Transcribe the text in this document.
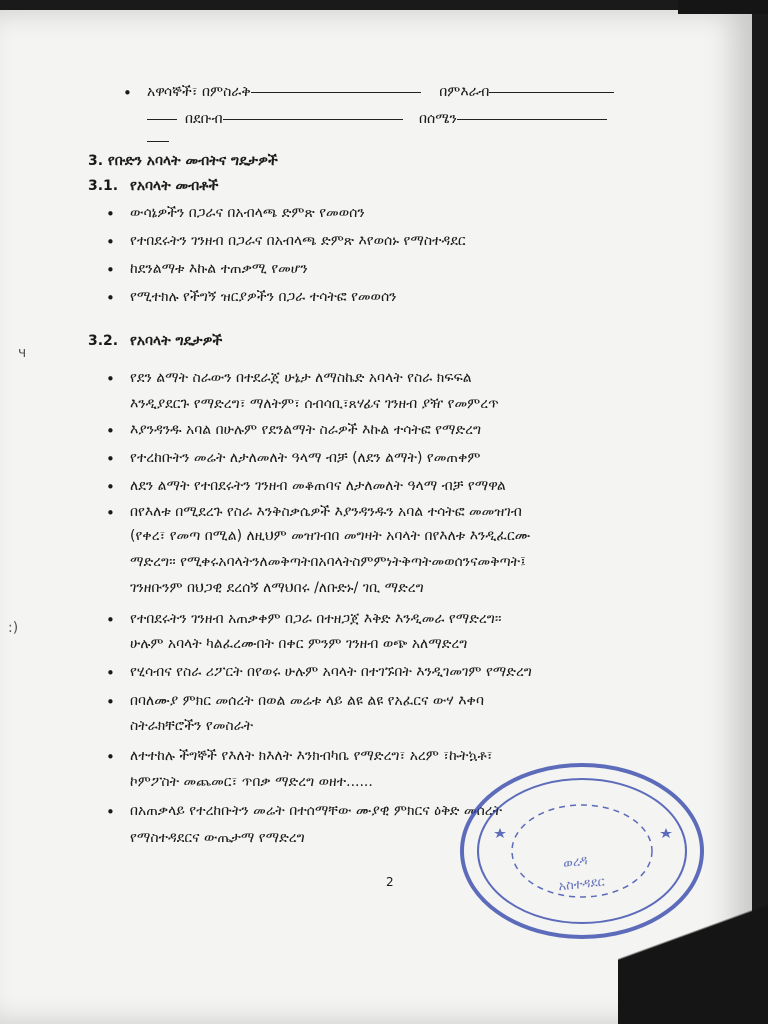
• አዋሳኞች፣ በምስራቅ	በምእራብ
በደቡብ	በሰሜን
3. የቡድን አባላት መብትና ግዴታዎች
3.1. የአባላት መብቶች
• ውሳኔዎችን በጋራና በአብላጫ ድምጽ የመወሰን
• የተበደሩትን ገንዘብ በጋራና በአብላጫ ድምጽ እየወሰኑ የማስተዳደር
• ከደንልማቱ እኩል ተጠቃሚ የመሆን
• የሚተክሉ የችግኝ ዝርያዎችን በጋራ ተሳትፎ የመወሰን
ч
:)
3.2. የአባላት ግዴታዎች
• የደን ልማት ስራውን በተደራጀ ሁኔታ ለማስኬድ አባላት የስራ ክፍፍል
እንዲያደርጉ የማድረግ፣ ማለትም፣ ሰብሳቢ፣ጸሃፊና ገንዘብ ያዥ የመምረጥ
• እያንዳንዱ አባል በሁሉም የደንልማት ስራዎች እኩል ተሳትፎ የማድረግ
• የተረከቡትን መሬት ለታለመለት ዓላማ ብቻ (ለደን ልማት) የመጠቀም
• ለደን ልማት የተበደሩትን ገንዘብ መቆጠባና ለታለመለት ዓላማ ብቻ የማዋል
• በየእለቱ በሚደረጉ የስራ እንቅስቃሴዎች እያንዳንዱን አባል ተሳትፎ መመዝገብ
(የቀረ፣ የመጣ በሚል) ለዚህም መዝገብበ መግዛት አባላት በየእለቱ እንዲፈርሙ
ማድረግ፡፡ የሚቀሩአባላትንለመቅጣትበአባላትስምምነትቅጣትመወሰንናመቅጣት፤
ገንዘቡንም በህጋዊ ደረሰኝ ለማህበሩ /ለቡድኑ/ ገቢ ማድረግ
• የተበደሩትን ገንዘብ አጠቃቀም በጋራ በተዘጋጀ እቅድ እንዲመራ የማድረግ፡፡
ሁሉም አባላት ካልፈረሙበት በቀር ምንም ገንዘብ ወጭ አለማድረግ
• የሂሳብና የስራ ሪፖርት በየወሩ ሁሉም አባላት በተገኙበት እንዲገመገም የማድረግ
• በባለሙያ ምክር መሰረት በወል መሬቱ ላይ ልዩ ልዩ የአፈርና ውሃ እቀባ
ስትራክቸሮችን የመስራት
• ለተተከሉ ችግኞች የእለት ክእለት እንክብካቤ የማድረግ፣ አረም ፣ኩትኳቶ፣
ኮምፖስት መጨመር፣ ጥበቃ ማድረግ ወዘተ......
• በአጠቃላይ የተረከቡትን መሬት በተሰማቸው ሙያዊ ምክርና ዕቅድ መሰረት
የማስተዳደርና ውጤታማ የማድረግ
2	አስተዳደር
ወረዳ
